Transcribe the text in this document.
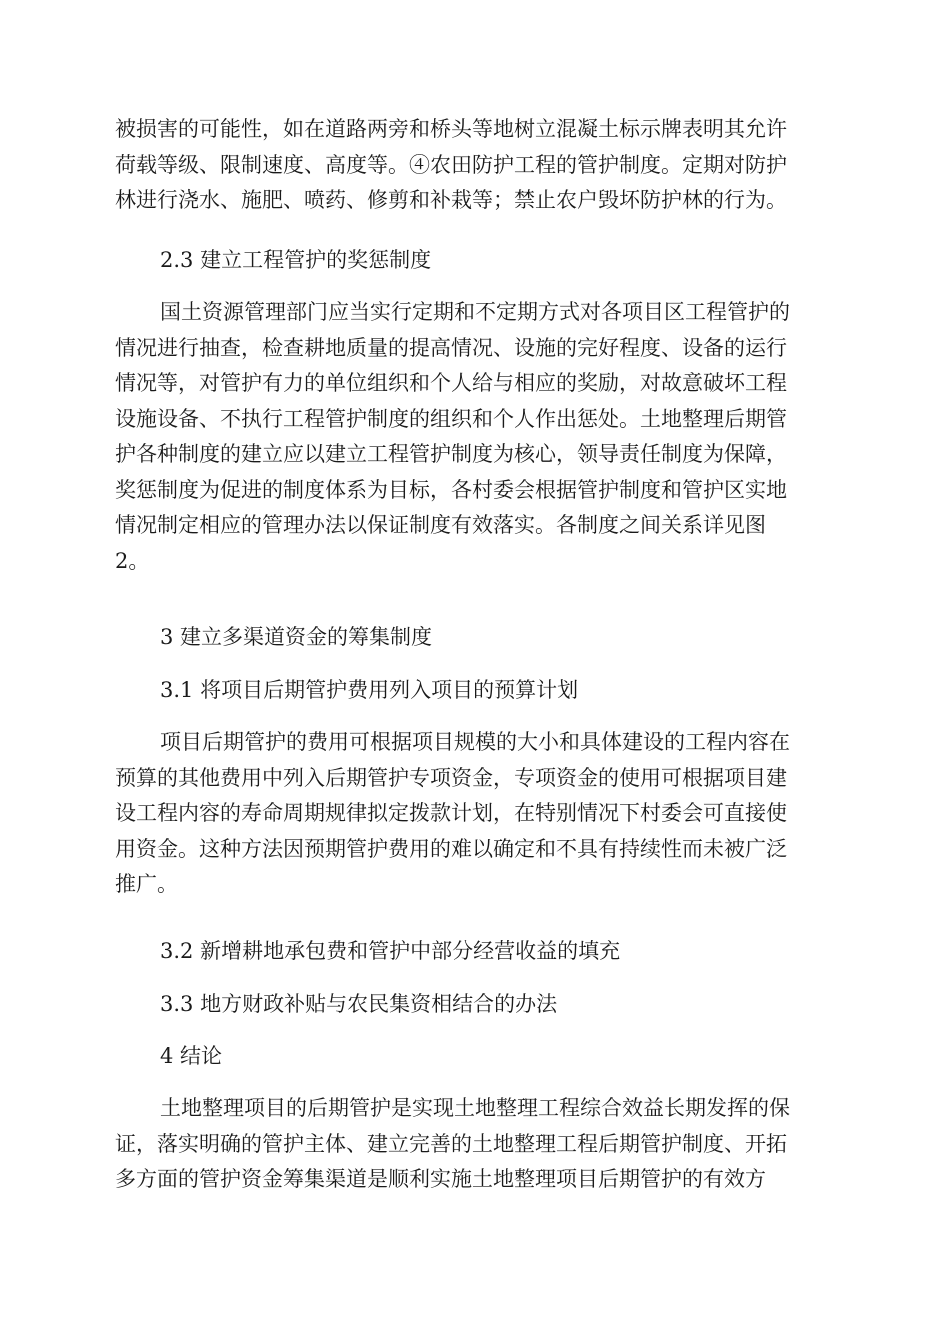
被损害的可能性，如在道路两旁和桥头等地树立混凝土标示牌表明其允许
荷载等级、限制速度、高度等。④农田防护工程的管护制度。定期对防护
林进行浇水、施肥、喷药、修剪和补栽等；禁止农户毁坏防护林的行为。
2.3 建立工程管护的奖惩制度
国土资源管理部门应当实行定期和不定期方式对各项目区工程管护的
情况进行抽查，检查耕地质量的提高情况、设施的完好程度、设备的运行
情况等，对管护有力的单位组织和个人给与相应的奖励，对故意破坏工程
设施设备、不执行工程管护制度的组织和个人作出惩处。土地整理后期管
护各种制度的建立应以建立工程管护制度为核心，领导责任制度为保障，
奖惩制度为促进的制度体系为目标，各村委会根据管护制度和管护区实地
情况制定相应的管理办法以保证制度有效落实。各制度之间关系详见图
2。
3 建立多渠道资金的筹集制度
3.1 将项目后期管护费用列入项目的预算计划
项目后期管护的费用可根据项目规模的大小和具体建设的工程内容在
预算的其他费用中列入后期管护专项资金，专项资金的使用可根据项目建
设工程内容的寿命周期规律拟定拨款计划，在特别情况下村委会可直接使
用资金。这种方法因预期管护费用的难以确定和不具有持续性而未被广泛
推广。
3.2 新增耕地承包费和管护中部分经营收益的填充
3.3 地方财政补贴与农民集资相结合的办法
4 结论
土地整理项目的后期管护是实现土地整理工程综合效益长期发挥的保
证，落实明确的管护主体、建立完善的土地整理工程后期管护制度、开拓
多方面的管护资金筹集渠道是顺利实施土地整理项目后期管护的有效方
